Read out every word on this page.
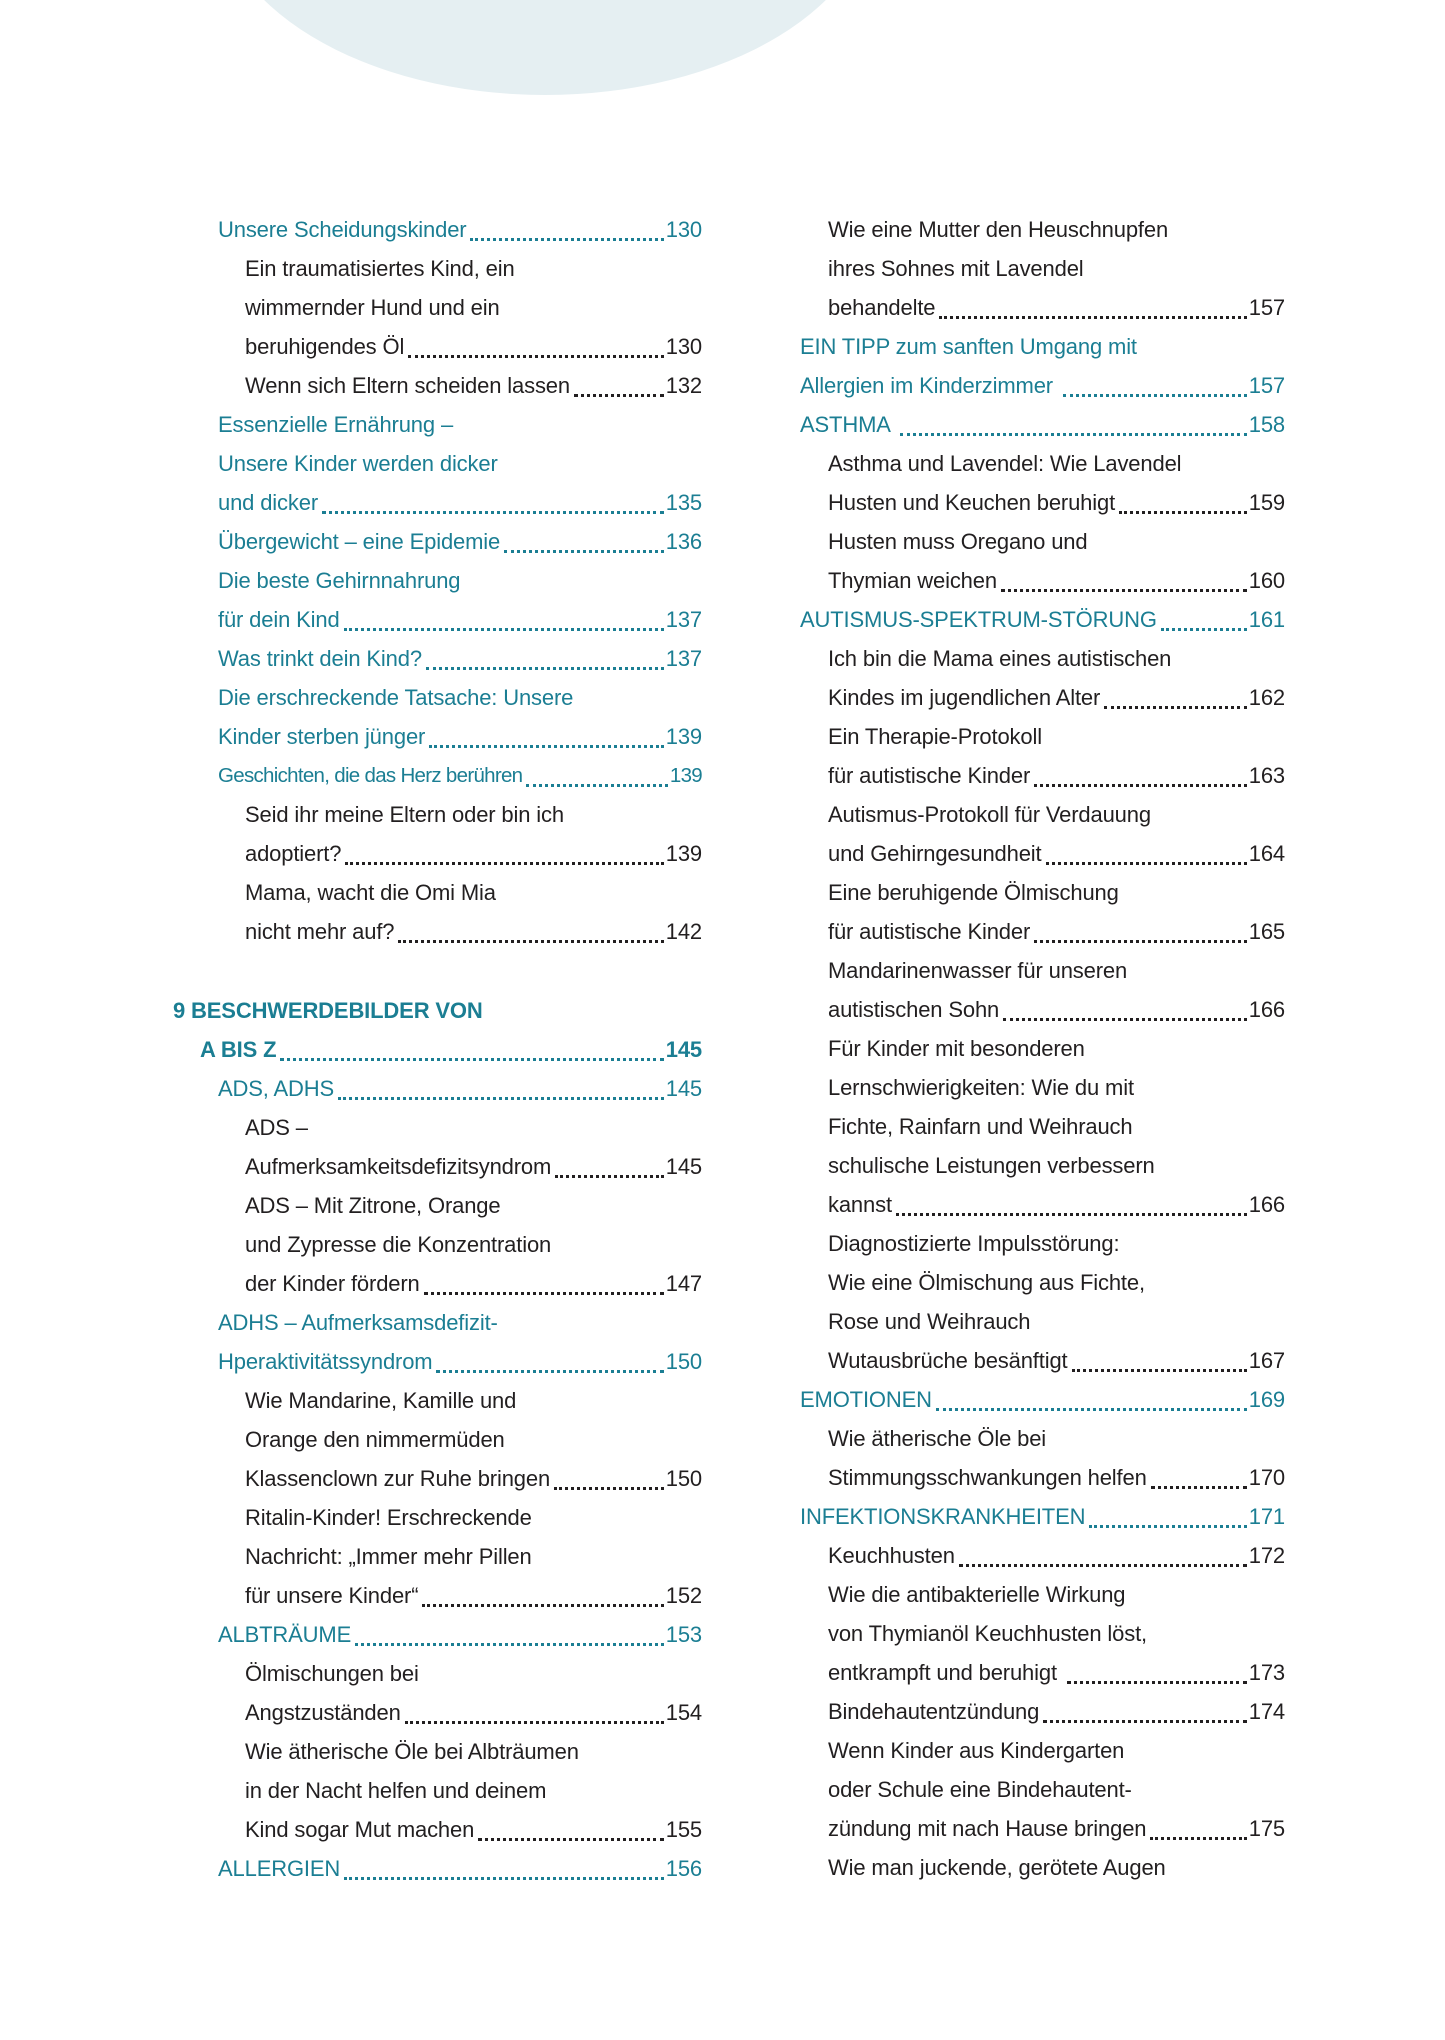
Unsere Scheidungskinder	130
Ein traumatisiertes Kind, ein
wimmernder Hund und ein
beruhigendes Öl	130
Wenn sich Eltern scheiden lassen	132
Essenzielle Ernährung –
Unsere Kinder werden dicker
und dicker	135
Übergewicht – eine Epidemie	136
Die beste Gehirnnahrung
für dein Kind	137
Was trinkt dein Kind?	137
Die erschreckende Tatsache: Unsere
Kinder sterben jünger	139
Geschichten, die das Herz berühren	139
Seid ihr meine Eltern oder bin ich
adoptiert?	139
Mama, wacht die Omi Mia
nicht mehr auf?	142
9 BESCHWERDEBILDER VON
A BIS Z	145
ADS, ADHS	145
ADS –
Aufmerksamkeitsdefizitsyndrom	145
ADS – Mit Zitrone, Orange
und Zypresse die Konzentration
der Kinder fördern	147
ADHS – Aufmerksamsdefizit-
Hperaktivitätssyndrom	150
Wie Mandarine, Kamille und
Orange den nimmermüden
Klassenclown zur Ruhe bringen	150
Ritalin-Kinder! Erschreckende
Nachricht: „Immer mehr Pillen
für unsere Kinder“	152
ALBTRÄUME	153
Ölmischungen bei
Angstzuständen	154
Wie ätherische Öle bei Albträumen
in der Nacht helfen und deinem
Kind sogar Mut machen	155
ALLERGIEN	156
Wie eine Mutter den Heuschnupfen
ihres Sohnes mit Lavendel
behandelte	157
EIN TIPP zum sanften Umgang mit
Allergien im Kinderzimmer	157
ASTHMA	158
Asthma und Lavendel: Wie Lavendel
Husten und Keuchen beruhigt	159
Husten muss Oregano und
Thymian weichen	160
AUTISMUS-SPEKTRUM-STÖRUNG	161
Ich bin die Mama eines autistischen
Kindes im jugendlichen Alter	162
Ein Therapie-Protokoll
für autistische Kinder	163
Autismus-Protokoll für Verdauung
und Gehirngesundheit	164
Eine beruhigende Ölmischung
für autistische Kinder	165
Mandarinenwasser für unseren
autistischen Sohn	166
Für Kinder mit besonderen
Lernschwierigkeiten: Wie du mit
Fichte, Rainfarn und Weihrauch
schulische Leistungen verbessern
kannst	166
Diagnostizierte Impulsstörung:
Wie eine Ölmischung aus Fichte,
Rose und Weihrauch
Wutausbrüche besänftigt	167
EMOTIONEN	169
Wie ätherische Öle bei
Stimmungsschwankungen helfen	170
INFEKTIONSKRANKHEITEN	171
Keuchhusten	172
Wie die antibakterielle Wirkung
von Thymianöl Keuchhusten löst,
entkrampft und beruhigt	173
Bindehautentzündung	174
Wenn Kinder aus Kindergarten
oder Schule eine Bindehautent-
zündung mit nach Hause bringen	175
Wie man juckende, gerötete Augen
